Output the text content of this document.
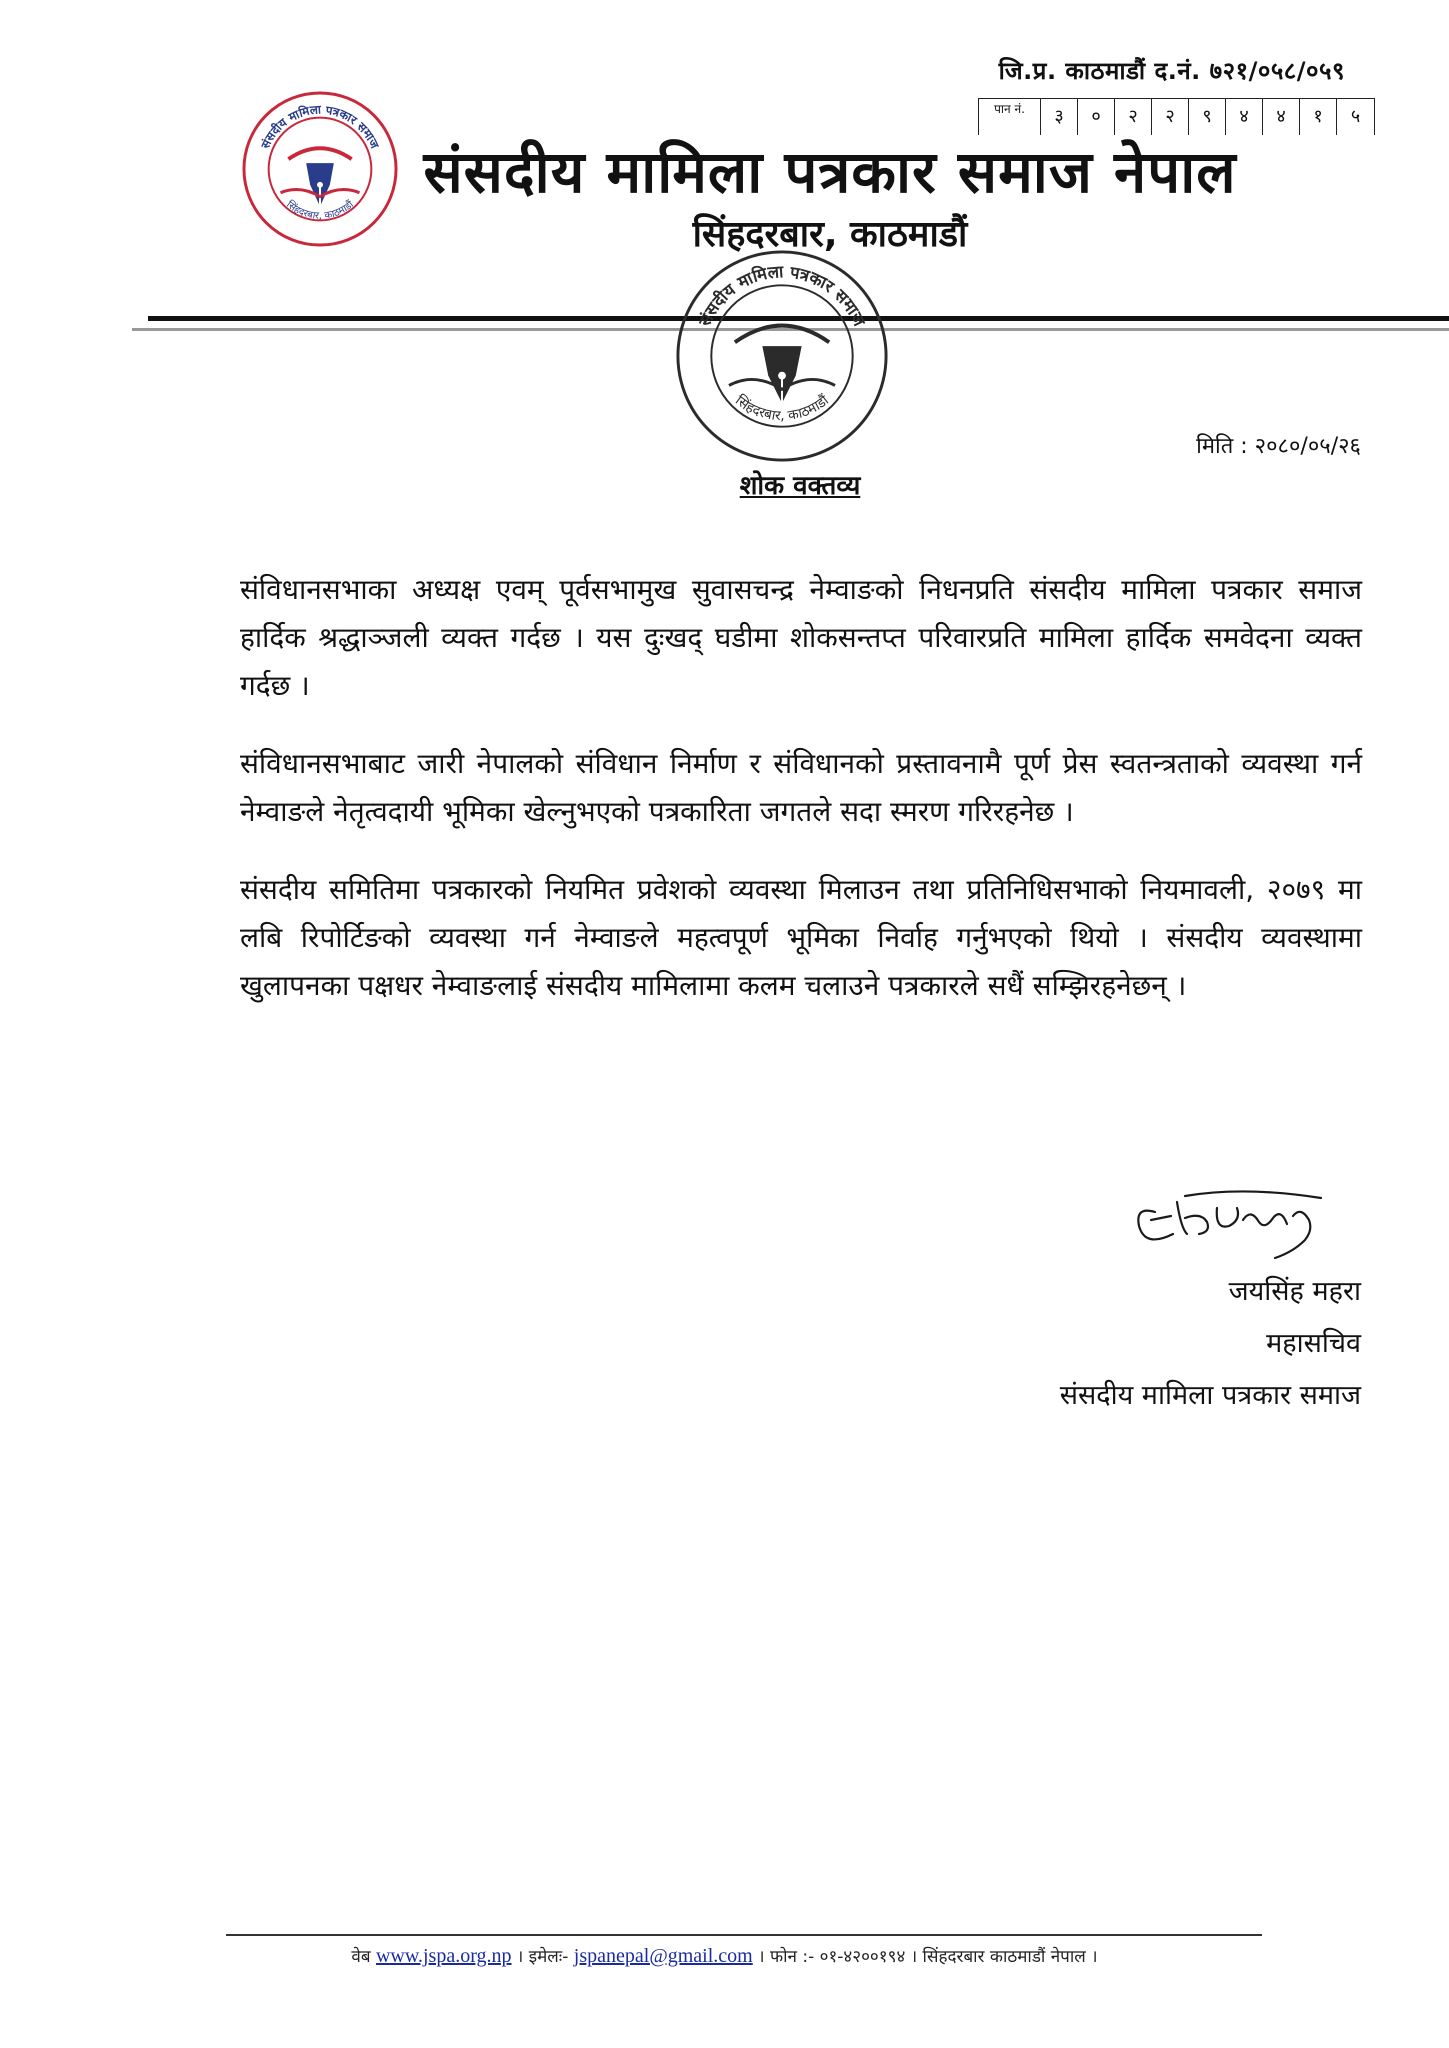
जि.प्र. काठमाडौं द.नं. ७२१/०५८/०५९
पान नं.	३	०	२	२	९	४	४	१	५
संसदीय मामिला पत्रकार समाज
सिंहदरबार, काठमाडौं संसदीय मामिला पत्रकार समाज नेपाल
सिंहदरबार, काठमाडौं
संसदीय मामिला पत्रकार समाज
सिंहदरबार, काठमाडौं
मिति : २०८०/०५/२६
शोक वक्तव्य

संविधानसभाका अध्यक्ष एवम् पूर्वसभामुख सुवासचन्द्र नेम्वाङको निधनप्रति संसदीय मामिला पत्रकार समाज हार्दिक श्रद्धाञ्जली व्यक्त गर्दछ । यस दुःखद् घडीमा शोकसन्तप्त परिवारप्रति मामिला हार्दिक समवेदना व्यक्त गर्दछ ।

संविधानसभाबाट जारी नेपालको संविधान निर्माण र संविधानको प्रस्तावनामै पूर्ण प्रेस स्वतन्त्रताको व्यवस्था गर्न नेम्वाङले नेतृत्वदायी भूमिका खेल्नुभएको पत्रकारिता जगतले सदा स्मरण गरिरहनेछ ।

संसदीय समितिमा पत्रकारको नियमित प्रवेशको व्यवस्था मिलाउन तथा प्रतिनिधिसभाको नियमावली, २०७९ मा लबि रिपोर्टिङको व्यवस्था गर्न नेम्वाङले महत्वपूर्ण भूमिका निर्वाह गर्नुभएको थियो । संसदीय व्यवस्थामा खुलापनका पक्षधर नेम्वाङलाई संसदीय मामिलामा कलम चलाउने पत्रकारले सधैं सम्झिरहनेछन् ।

जयसिंह महरा
महासचिव
संसदीय मामिला पत्रकार समाज
वेब www.jspa.org.np । इमेलः- jspanepal@gmail.com । फोन :- ०१-४२००१९४ । सिंहदरबार काठमाडौं नेपाल ।
